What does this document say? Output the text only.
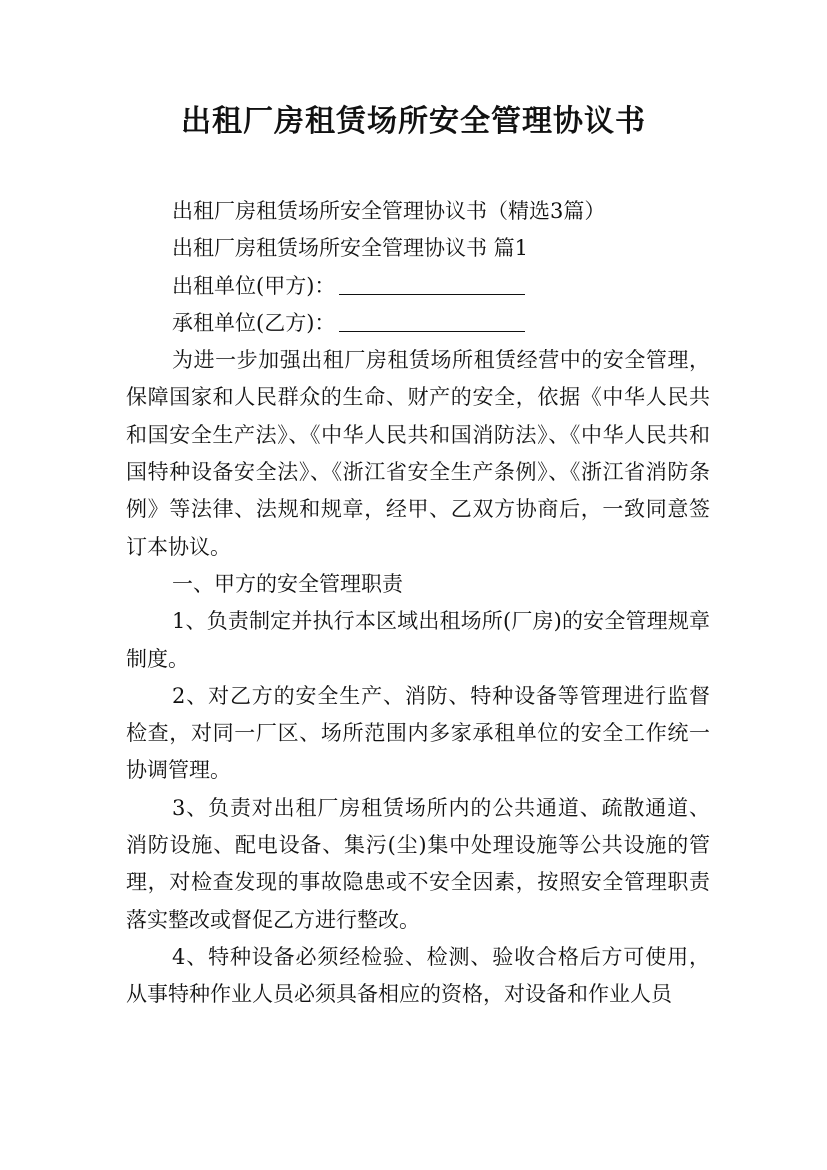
出租厂房租赁场所安全管理协议书

出租厂房租赁场所安全管理协议书（精选3篇）

出租厂房租赁场所安全管理协议书 篇1

出租单位(甲方)：

承租单位(乙方)：

为进一步加强出租厂房租赁场所租赁经营中的安全管理，保障国家和人民群众的生命、财产的安全，依据《中华人民共和国安全生产法》、《中华人民共和国消防法》、《中华人民共和国特种设备安全法》、《浙江省安全生产条例》、《浙江省消防条例》等法律、法规和规章，经甲、乙双方协商后，一致同意签订本协议。

一、甲方的安全管理职责

1、负责制定并执行本区域出租场所(厂房)的安全管理规章制度。

2、对乙方的安全生产、消防、特种设备等管理进行监督检查，对同一厂区、场所范围内多家承租单位的安全工作统一协调管理。

3、负责对出租厂房租赁场所内的公共通道、疏散通道、消防设施、配电设备、集污(尘)集中处理设施等公共设施的管理，对检查发现的事故隐患或不安全因素，按照安全管理职责落实整改或督促乙方进行整改。

4、特种设备必须经检验、检测、验收合格后方可使用，从事特种作业人员必须具备相应的资格，对设备和作业人员
